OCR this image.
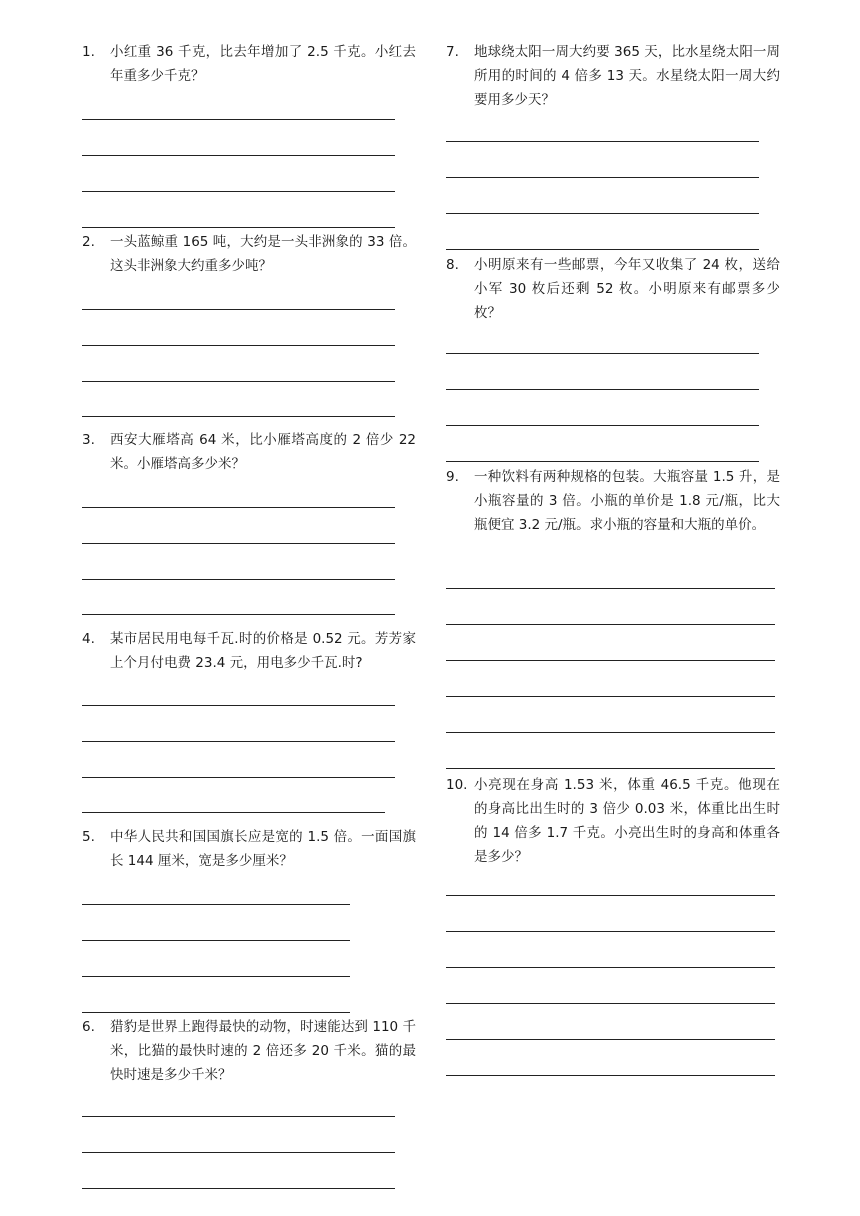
1. 小红重 36 千克，比去年增加了 2.5 千克。小红去年重多少千克？
2. 一头蓝鲸重 165 吨，大约是一头非洲象的 33 倍。这头非洲象大约重多少吨？
3. 西安大雁塔高 64 米，比小雁塔高度的 2 倍少 22 米。小雁塔高多少米？
4. 某市居民用电每千瓦.时的价格是 0.52 元。芳芳家上个月付电费 23.4 元，用电多少千瓦.时?
5. 中华人民共和国国旗长应是宽的 1.5 倍。一面国旗长 144 厘米，宽是多少厘米？
6. 猎豹是世界上跑得最快的动物，时速能达到 110 千米，比猫的最快时速的 2 倍还多 20 千米。猫的最快时速是多少千米？
7. 地球绕太阳一周大约要 365 天，比水星绕太阳一周所用的时间的 4 倍多 13 天。水星绕太阳一周大约要用多少天？
8. 小明原来有一些邮票，今年又收集了 24 枚，送给小军 30 枚后还剩 52 枚。小明原来有邮票多少枚？
9. 一种饮料有两种规格的包装。大瓶容量 1.5 升，是小瓶容量的 3 倍。小瓶的单价是 1.8 元/瓶，比大瓶便宜 3.2 元/瓶。求小瓶的容量和大瓶的单价。
10. 小亮现在身高 1.53 米，体重 46.5 千克。他现在的身高比出生时的 3 倍少 0.03 米，体重比出生时的 14 倍多 1.7 千克。小亮出生时的身高和体重各是多少？
